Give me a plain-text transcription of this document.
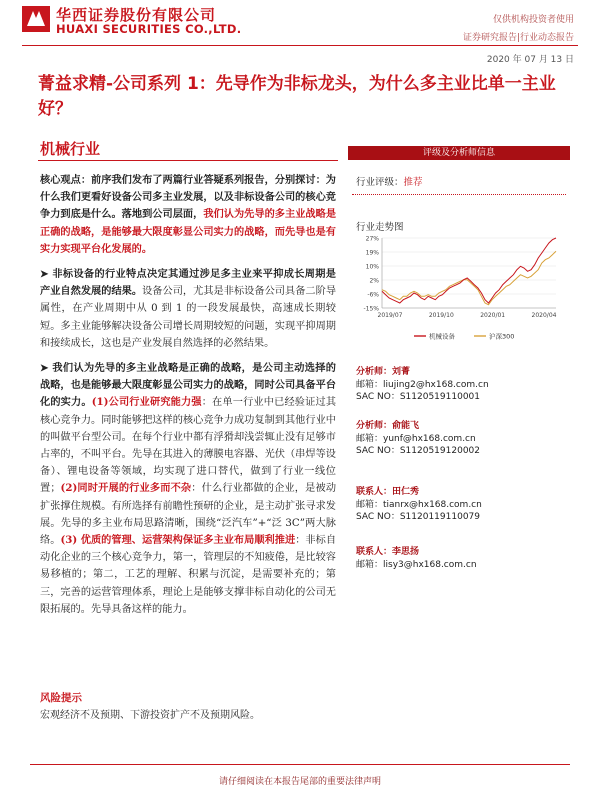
华西证券股份有限公司
HUAXI SECURITIES CO.,LTD.
仅供机构投资者使用
证券研究报告|行业动态报告
2020 年 07 月 13 日
菁益求精-公司系列 1：先导作为非标龙头，为什么多主业比单一主业好？
机械行业

核心观点：前序我们发布了两篇行业答疑系列报告，分别探讨：为什么我们更看好设备公司多主业发展，以及非标设备公司的核心竞争力到底是什么。落地到公司层面，我们认为先导的多主业战略是正确的战略，是能够最大限度彰显公司实力的战略，而先导也是有实力实现平台化发展的。

➤ 非标设备的行业特点决定其通过涉足多主业来平抑成长周期是产业自然发展的结果。设备公司，尤其是非标设备公司具备二阶导属性，在产业周期中从 0 到 1 的一段发展最快，高速成长期较短。多主业能够解决设备公司增长周期较短的问题，实现平抑周期和接续成长，这也是产业发展自然选择的必然结果。

➤ 我们认为先导的多主业战略是正确的战略，是公司主动选择的战略，也是能够最大限度彰显公司实力的战略，同时公司具备平台化的实力。(1)公司行业研究能力强：在单一行业中已经验证过其核心竞争力。同时能够把这样的核心竞争力成功复制到其他行业中的叫做平台型公司。在每个行业中都有浮猾却浅尝辄止没有足够市占率的，不叫平台。先导在其进入的薄膜电容器、光伏（串焊等设备）、锂电设备等领域，均实现了进口替代，做到了行业一线位置；(2)同时开展的行业多而不杂：什么行业都做的企业，是被动扩张撑住规模。有所选择有前瞻性预研的企业，是主动扩张寻求发展。先导的多主业布局思路清晰，围绕“泛汽车”+“泛 3C”两大脉络。(3) 优质的管理、运营架构保证多主业布局顺利推进：非标自动化企业的三个核心竞争力，第一，管理层的不知疲倦，是比较容易移植的；第二，工艺的理解、积累与沉淀，是需要补充的；第三，完善的运营管理体系，理论上是能够支撑非标自动化的公司无限拓展的。先导具备这样的能力。

风险提示
宏观经济不及预期、下游投资扩产不及预期风险。
评级及分析师信息
行业评级：推荐
行业走势图
27%
19%
10%
2%
-6%
-15%
2019/07	2019/10	2020/01	2020/04
机械设备	沪深300
分析师：刘菁
邮箱：liujing2@hx168.com.cn
SAC NO：S1120519110001
分析师：俞能飞
邮箱：yunf@hx168.com.cn
SAC NO：S1120519120002
联系人：田仁秀
邮箱：tianrx@hx168.com.cn
SAC NO：S1120119110079
联系人：李思扬
邮箱：lisy3@hx168.com.cn
请仔细阅读在本报告尾部的重要法律声明
